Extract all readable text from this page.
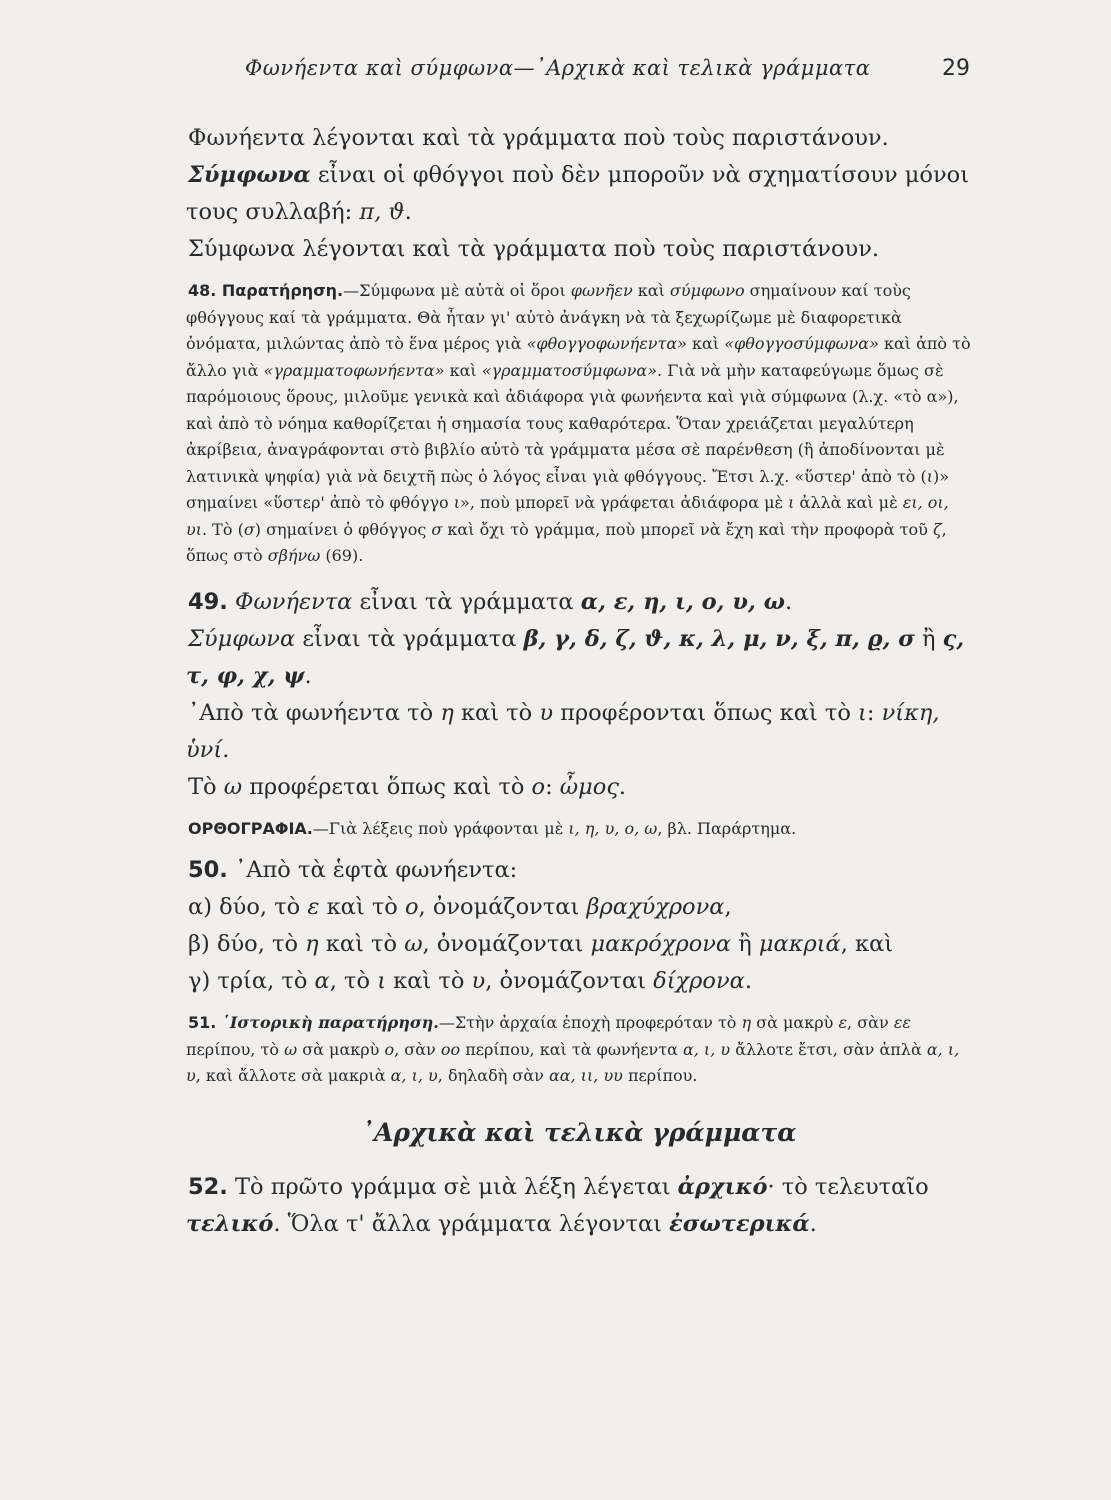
Φωνήεντα καὶ σύμφωνα—᾿Αρχικὰ καὶ τελικὰ γράμματα	29

Φωνήεντα λέγονται καὶ τὰ γράμματα ποὺ τοὺς παριστάνουν.

Σύμφωνα εἶναι οἱ φθόγγοι ποὺ δὲν μποροῦν νὰ σχηματίσουν μόνοι τους συλλαβή: π, ϑ.

Σύμφωνα λέγονται καὶ τὰ γράμματα ποὺ τοὺς παριστάνουν.

48. Παρατήρηση.—Σύμφωνα μὲ αὐτὰ οἱ ὅροι φωνῆεν καὶ σύμφωνο σημαίνουν καί τοὺς φθόγγους καί τὰ γράμματα. Θὰ ἦταν γι' αὐτὸ ἀνάγκη νὰ τὰ ξεχωρίζωμε μὲ διαφορετικὰ ὀνόματα, μιλώντας ἀπὸ τὸ ἕνα μέρος γιὰ «φθογγοφωνήεντα» καὶ «φθογγοσύμφωνα» καὶ ἀπὸ τὸ ἄλλο γιὰ «γραμματοφωνήεντα» καὶ «γραμματοσύμφωνα». Γιὰ νὰ μὴν καταφεύγωμε ὅμως σὲ παρόμοιους ὅρους, μιλοῦμε γενικὰ καὶ ἀδιάφορα γιὰ φωνήεντα καὶ γιὰ σύμφωνα (λ.χ. «τὸ α»), καὶ ἀπὸ τὸ νόημα καθορίζεται ἡ σημασία τους καθαρότερα. Ὅταν χρειάζεται μεγαλύτερη ἀκρίβεια, ἀναγράφονται στὸ βιβλίο αὐτὸ τὰ γράμματα μέσα σὲ παρένθεση (ἢ ἀποδίνονται μὲ λατινικὰ ψηφία) γιὰ νὰ δειχτῆ πὼς ὁ λόγος εἶναι γιὰ φθόγγους. Ἔτσι λ.χ. «ὕστερ' ἀπὸ τὸ (ι)» σημαίνει «ὕστερ' ἀπὸ τὸ φθόγγο ι», ποὺ μπορεῖ νὰ γράφεται ἀδιάφορα μὲ ι ἀλλὰ καὶ μὲ ει, οι, υι. Τὸ (σ) σημαίνει ὁ φθόγγος σ καὶ ὄχι τὸ γράμμα, ποὺ μπορεῖ νὰ ἔχη καὶ τὴν προφορὰ τοῦ ζ, ὅπως στὸ σβήνω (69).

49. Φωνήεντα εἶναι τὰ γράμματα α, ε, η, ι, ο, υ, ω.

Σύμφωνα εἶναι τὰ γράμματα β, γ, δ, ζ, ϑ, κ, λ, μ, ν, ξ, π, ϱ, σ ἢ ς, τ, φ, χ, ψ.

᾿Απὸ τὰ φωνήεντα τὸ η καὶ τὸ υ προφέρονται ὅπως καὶ τὸ ι: νίκη, ὑνί.

Τὸ ω προφέρεται ὅπως καὶ τὸ ο: ὦμος.

ΟΡΘΟΓΡΑΦΙΑ.—Γιὰ λέξεις ποὺ γράφονται μὲ ι, η, υ, ο, ω, βλ. Παράρτημα.

50. ᾿Απὸ τὰ ἑφτὰ φωνήεντα:

α) δύο, τὸ ε καὶ τὸ ο, ὀνομάζονται βραχύχρονα,

β) δύο, τὸ η καὶ τὸ ω, ὀνομάζονται μακρόχρονα ἢ μακριά, καὶ

γ) τρία, τὸ α, τὸ ι καὶ τὸ υ, ὀνομάζονται δίχρονα.

51. ῾Ιστορικὴ παρατήρηση.—Στὴν ἀρχαία ἐποχὴ προφερόταν τὸ η σὰ μακρὺ ε, σὰν εε περίπου, τὸ ω σὰ μακρὺ ο, σὰν οο περίπου, καὶ τὰ φωνήεντα α, ι, υ ἄλλοτε ἔτσι, σὰν ἁπλὰ α, ι, υ, καὶ ἄλλοτε σὰ μακριὰ α, ι, υ, δηλαδὴ σὰν αα, ιι, υυ περίπου.

᾿Αρχικὰ καὶ τελικὰ γράμματα

52. Τὸ πρῶτο γράμμα σὲ μιὰ λέξη λέγεται ἀρχικό· τὸ τελευταῖο τελικό. Ὅλα τ' ἄλλα γράμματα λέγονται ἐσωτερικά.
